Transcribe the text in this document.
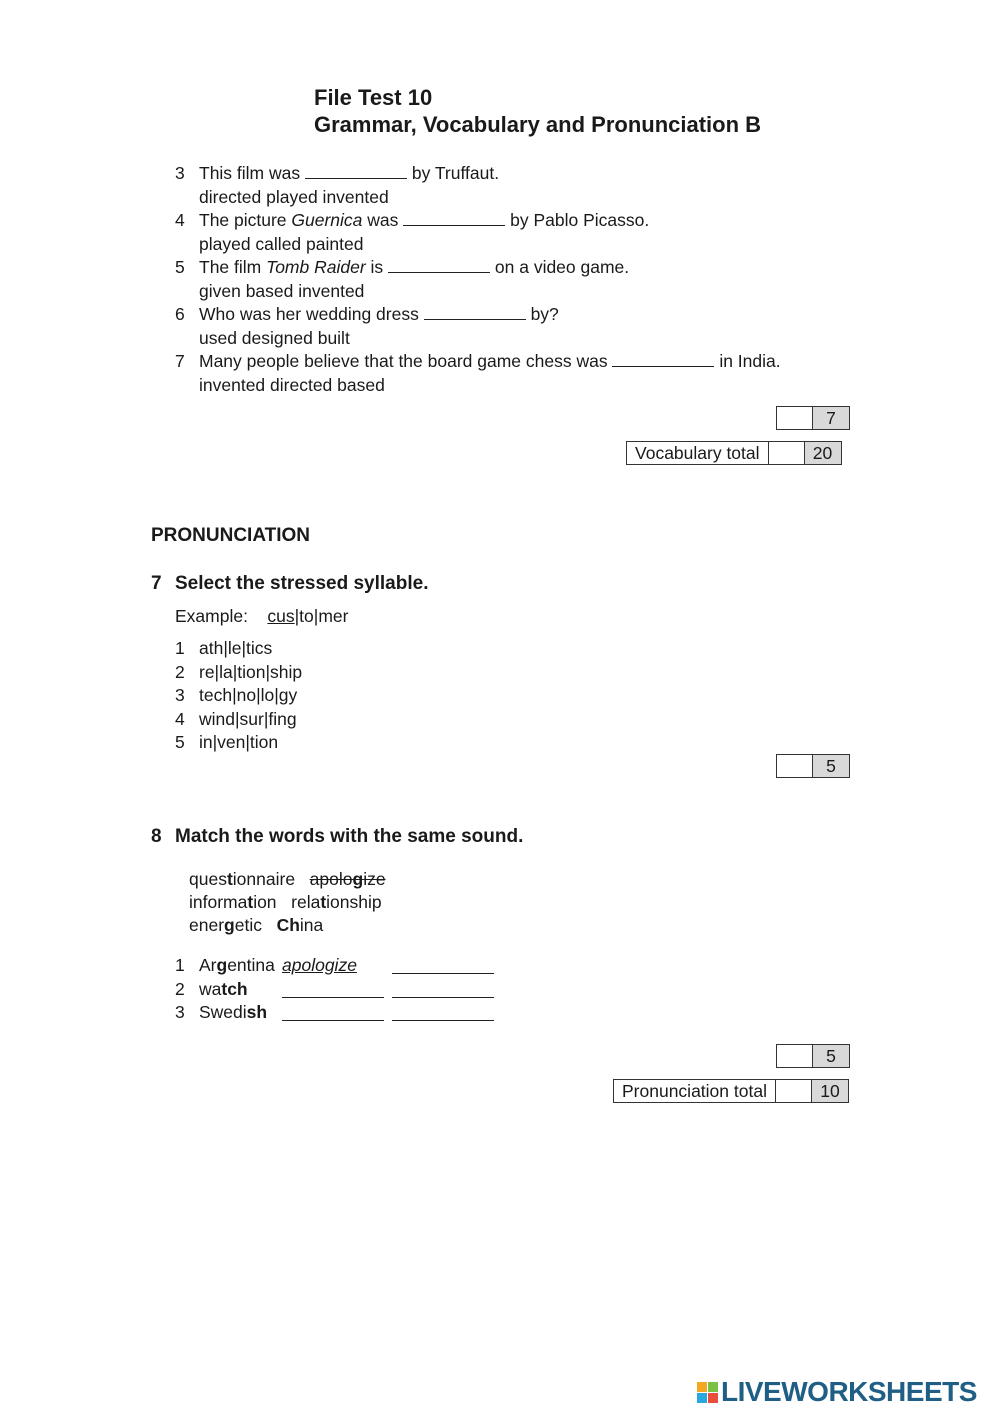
File Test 10
Grammar, Vocabulary and Pronunciation B
3 This film was	by Truffaut.
directed played invented
4 The picture Guernica was	by Pablo Picasso.
played called painted
5 The film Tomb Raider is	on a video game.
given based invented
6 Who was her wedding dress	by?
used designed built
7 Many people believe that the board game chess was	in India.
invented directed based
7
Vocabulary total	20
PRONUNCIATION
7 Select the stressed syllable.
Example: cus|to|mer
1 ath|le|tics
2 re|la|tion|ship
3 tech|no|lo|gy
4 wind|sur|fing
5 in|ven|tion
5
8 Match the words with the same sound.
questionnaire apologize
information relationship
energetic China
1 Argentina apologize
2 watch
3 Swedish
5
Pronunciation total	10
LIVEWORKSHEETS
